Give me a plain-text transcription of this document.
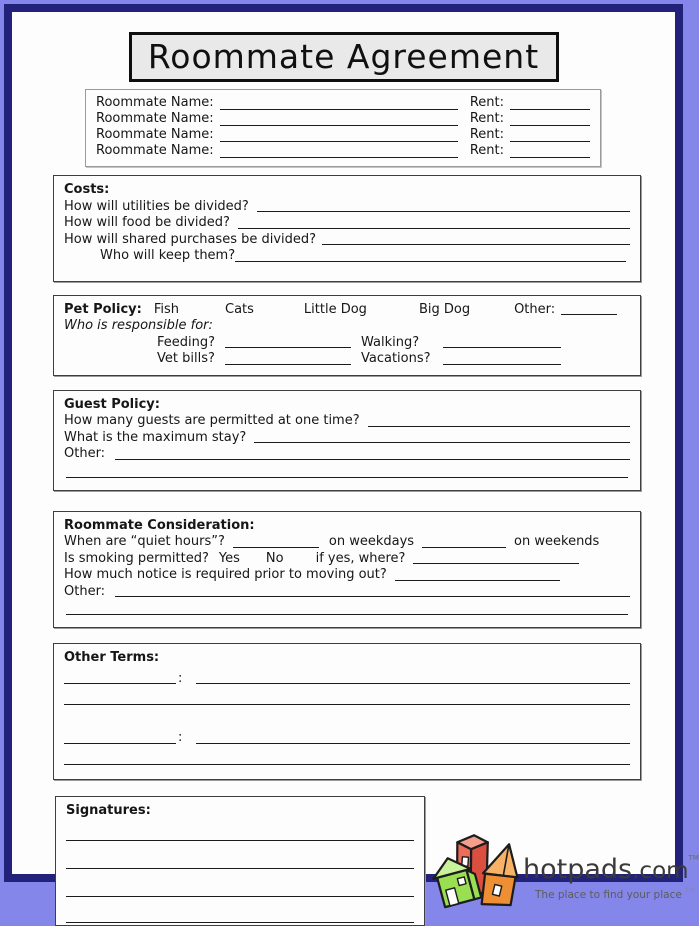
Roommate Agreement
Roommate Name:	Rent:
Roommate Name:	Rent:
Roommate Name:	Rent:
Roommate Name:	Rent:
Costs:
How will utilities be divided?
How will food be divided?
How will shared purchases be divided?
Who will keep them?
Pet Policy: Fish	Cats	Little Dog	Big Dog	Other:
Who is responsible for:
Feeding?	Walking?
Vet bills?	Vacations?
Guest Policy:
How many guests are permitted at one time?
What is the maximum stay?
Other:
Roommate Consideration:
When are “quiet hours”?	on weekdays	on weekends
Is smoking permitted? Yes No if yes, where?
How much notice is required prior to moving out?
Other:
Other Terms:
:
:
Signatures:
hotpads.com™
The place to find your place ™
